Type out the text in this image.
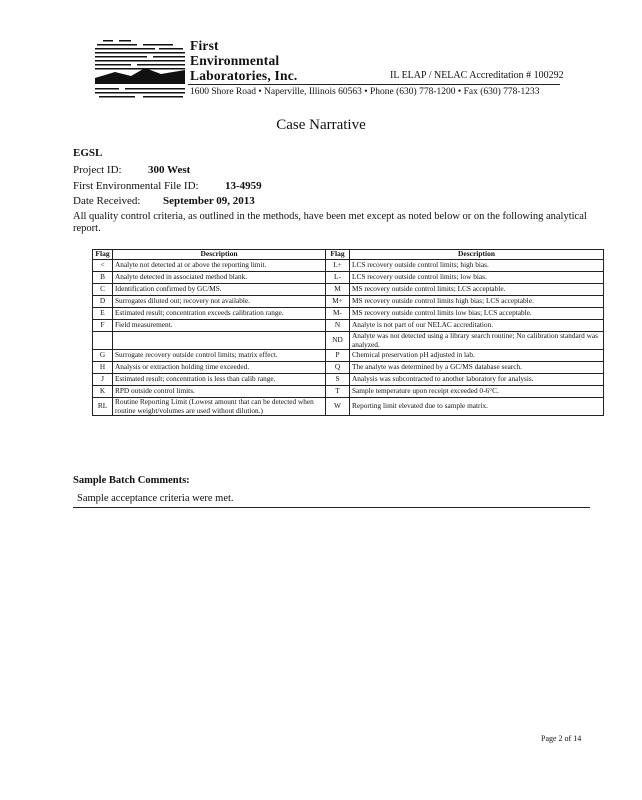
First
Environmental
Laboratories, Inc.	IL ELAP / NELAC Accreditation # 100292
1600 Shore Road • Naperville, Illinois 60563 • Phone (630) 778-1200 • Fax (630) 778-1233
Case Narrative
EGSL
Project ID: 300 West
First Environmental File ID: 13-4959
Date Received: September 09, 2013
All quality control criteria, as outlined in the methods, have been met except as noted below or on the following analytical report.
Flag	Description	Flag	Description
<	Analyte not detected at or above the reporting limit.	L+	LCS recovery outside control limits; high bias.
B	Analyte detected in associated method blank.	L-	LCS recovery outside control limits; low bias.
C	Identification confirmed by GC/MS.	M	MS recovery outside control limits; LCS acceptable.
D	Surrogates diluted out; recovery not available.	M+	MS recovery outside control limits high bias; LCS acceptable.
E	Estimated result; concentration exceeds calibration range.	M-	MS recovery outside control limits low bias; LCS acceptable.
F	Field measurement.	N	Analyte is not part of our NELAC accreditation.
		ND	Analyte was not detected using a library search routine; No calibration standard was analyzed.
G	Surrogate recovery outside control limits; matrix effect.	P	Chemical preservation pH adjusted in lab.
H	Analysis or extraction holding time exceeded.	Q	The analyte was determined by a GC/MS database search.
J	Estimated result; concentration is less than calib range.	S	Analysis was subcontracted to another laboratory for analysis.
K	RPD outside control limits.	T	Sample temperature upon receipt exceeded 0-6°C.
RL	Routine Reporting Limit (Lowest amount that can be detected when routine weight/volumes are used without dilution.)	W	Reporting limit elevated due to sample matrix.
Sample Batch Comments:
Sample acceptance criteria were met.
Page 2 of 14
